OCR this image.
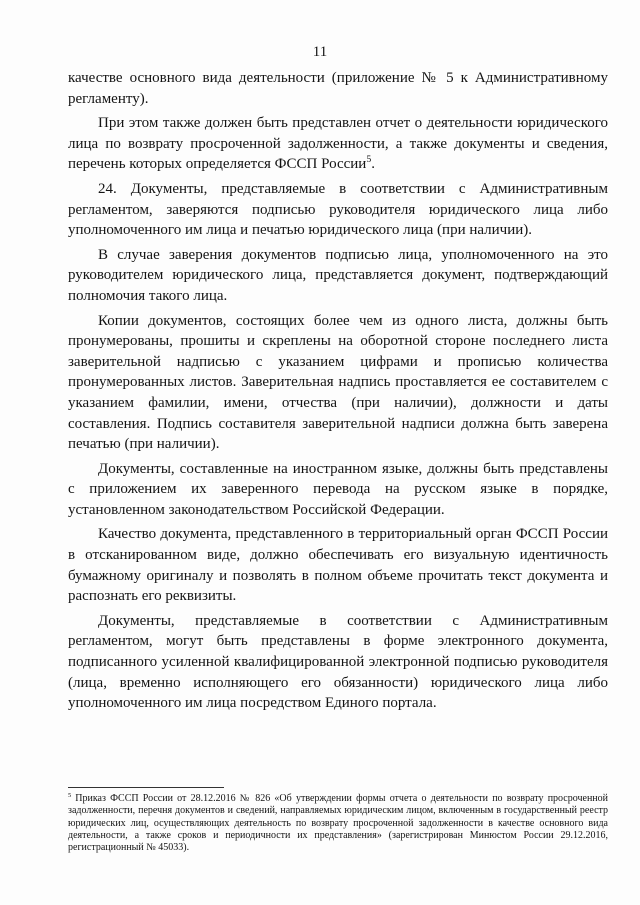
11

качестве основного вида деятельности (приложение № 5 к Административному регламенту).

При этом также должен быть представлен отчет о деятельности юридического лица по возврату просроченной задолженности, а также документы и сведения, перечень которых определяется ФССП России$^5$.

24. Документы, представляемые в соответствии с Административным регламентом, заверяются подписью руководителя юридического лица либо уполномоченного им лица и печатью юридического лица (при наличии).

В случае заверения документов подписью лица, уполномоченного на это руководителем юридического лица, представляется документ, подтверждающий полномочия такого лица.

Копии документов, состоящих более чем из одного листа, должны быть пронумерованы, прошиты и скреплены на оборотной стороне последнего листа заверительной надписью с указанием цифрами и прописью количества пронумерованных листов. Заверительная надпись проставляется ее составителем с указанием фамилии, имени, отчества (при наличии), должности и даты составления. Подпись составителя заверительной надписи должна быть заверена печатью (при наличии).

Документы, составленные на иностранном языке, должны быть представлены с приложением их заверенного перевода на русском языке в порядке, установленном законодательством Российской Федерации.

Качество документа, представленного в территориальный орган ФССП России в отсканированном виде, должно обеспечивать его визуальную идентичность бумажному оригиналу и позволять в полном объеме прочитать текст документа и распознать его реквизиты.

Документы, представляемые в соответствии с Административным регламентом, могут быть представлены в форме электронного документа, подписанного усиленной квалифицированной электронной подписью руководителя (лица, временно исполняющего его обязанности) юридического лица либо уполномоченного им лица посредством Единого портала.

$^5$ Приказ ФССП России от 28.12.2016 № 826 «Об утверждении формы отчета о деятельности по возврату просроченной задолженности, перечня документов и сведений, направляемых юридическим лицом, включенным в государственный реестр юридических лиц, осуществляющих деятельность по возврату просроченной задолженности в качестве основного вида деятельности, а также сроков и периодичности их представления» (зарегистрирован Минюстом России 29.12.2016, регистрационный № 45033).
